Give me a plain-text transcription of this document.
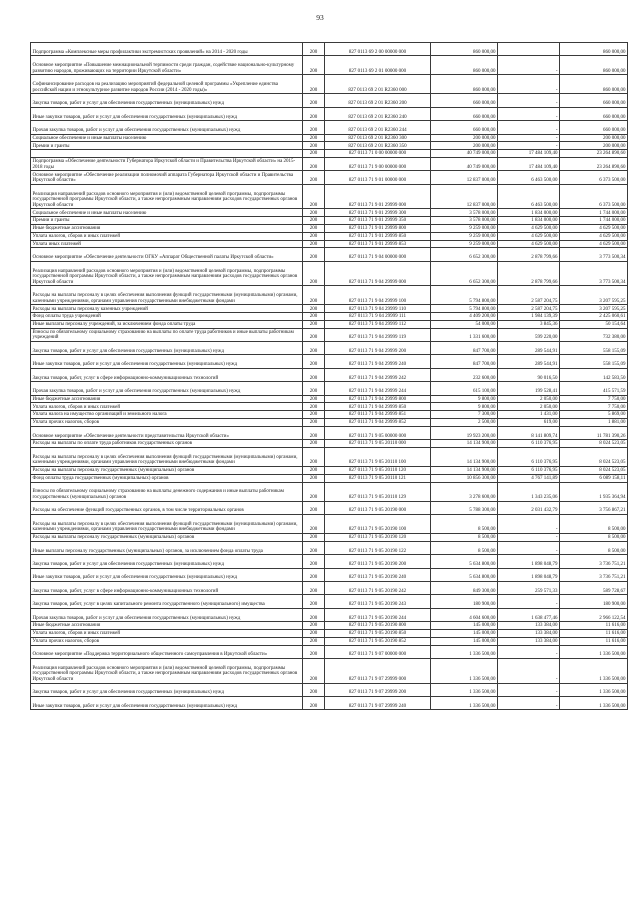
93
Подпрограмма «Комплексные меры профилактики экстремистских проявлений» на 2014 - 2020 годы	200	827 0113 69 2 00 00000 000	860 000,00		860 000,00
Основное мероприятие «Повышение межнациональной терпимости среди граждан, содействие национально-культурному развитию народов, проживающих на территории Иркутской области»	200	827 0113 69 2 01 00000 000	860 000,00	-	860 000,00
Софинансирование расходов на реализацию мероприятий федеральной целевой программы «Укрепление единства российской нации и этнокультурное развитие народов России (2014 - 2020 годы)»	200	827 0113 69 2 01 R2360 000	860 000,00	-	860 000,00
Закупка товаров, работ и услуг для обеспечения государственных (муниципальных) нужд	200	827 0113 69 2 01 R2360 200	660 000,00	-	660 000,00
Иные закупки товаров, работ и услуг для обеспечения государственных (муниципальных) нужд	200	827 0113 69 2 01 R2360 240	660 000,00	-	660 000,00
Прочая закупка товаров, работ и услуг для обеспечения государственных (муниципальных) нужд	200	827 0113 69 2 01 R2360 244	660 000,00	-	660 000,00
Социальное обеспечение и иные выплаты населению	200	827 0113 69 2 01 R2360 300	200 000,00	-	200 000,00
Премии и гранты	200	827 0113 69 2 01 R2360 350	200 000,00	-	200 000,00
	200	827 0113 71 0 00 00000 000	40 749 000,00	17 484 109,40	23 264 890,60
Подпрограмма «Обеспечение деятельности Губернатора Иркутской области и Правительства Иркутской области» на 2015-2018 годы	200	827 0113 71 9 00 00000 000	40 749 000,00	17 484 109,40	23 264 890,60
Основное мероприятие «Обеспечение реализации полномочий аппарата Губернатора Иркутской области и Правительства Иркутской области»	200	827 0113 71 9 01 00000 000	12 837 000,00	6 463 500,00	6 373 500,00
Реализация направлений расходов основного мероприятия и (или) ведомственной целевой программы, подпрограммы государственной программы Иркутской области, а также непрограммным направлениям расходов государственных органов Иркутской области	200	827 0113 71 9 01 29999 000	12 837 000,00	6 463 500,00	6 373 500,00
Социальное обеспечение и иные выплаты населению	200	827 0113 71 9 01 29999 300	3 578 000,00	1 834 000,00	1 744 000,00
Премии и гранты	200	827 0113 71 9 01 29999 350	3 578 000,00	1 834 000,00	1 744 000,00
Иные бюджетные ассигнования	200	827 0113 71 9 01 29999 800	9 259 000,00	4 629 500,00	4 629 500,00
Уплата налогов, сборов и иных платежей	200	827 0113 71 9 01 29999 850	9 259 000,00	4 629 500,00	4 629 500,00
Уплата иных платежей	200	827 0113 71 9 01 29999 853	9 259 000,00	4 629 500,00	4 629 500,00
Основное мероприятие «Обеспечение деятельности ОГКУ «Аппарат Общественной палаты Иркутской области»	200	827 0113 71 9 04 00000 000	6 652 300,00	2 878 799,66	3 773 500,34
Реализация направлений расходов основного мероприятия и (или) ведомственной целевой программы, подпрограммы государственной программы Иркутской области, а также непрограммным направлениям расходов государственных органов Иркутской области	200	827 0113 71 9 04 29999 000	6 652 300,00	2 878 799,66	3 773 500,34
Расходы на выплаты персоналу в целях обеспечения выполнения функций государственными (муниципальными) органами, казенными учреждениями, органами управления государственными внебюджетными фондами	200	827 0113 71 9 04 29999 100	5 794 800,00	2 587 204,75	3 207 595,25
Расходы на выплаты персоналу казенных учреждений	200	827 0113 71 9 04 29999 110	5 794 800,00	2 587 204,75	3 207 595,25
Фонд оплаты труда учреждений	200	827 0113 71 9 04 29999 111	4 409 200,00	1 984 139,39	2 425 060,61
Иные выплаты персоналу учреждений, за исключением фонда оплаты труда	200	827 0113 71 9 04 29999 112	54 000,00	3 845,36	50 154,64
Взносы по обязательному социальному страхованию на выплаты по оплате труда работников и иные выплаты работникам учреждений	200	827 0113 71 9 04 29999 119	1 331 600,00	599 220,00	732 380,00
Закупка товаров, работ и услуг для обеспечения государственных (муниципальных) нужд	200	827 0113 71 9 04 29999 200	847 700,00	289 544,91	558 155,09
Иные закупки товаров, работ и услуг для обеспечения государственных (муниципальных) нужд	200	827 0113 71 9 04 29999 240	847 700,00	289 544,91	558 155,09
Закупка товаров, работ, услуг в сфере информационно-коммуникационных технологий	200	827 0113 71 9 04 29999 242	232 600,00	90 016,50	142 583,50
Прочая закупка товаров, работ и услуг для обеспечения государственных (муниципальных) нужд	200	827 0113 71 9 04 29999 244	615 100,00	199 528,41	415 571,59
Иные бюджетные ассигнования	200	827 0113 71 9 04 29999 800	9 800,00	2 050,00	7 750,00
Уплата налогов, сборов и иных платежей	200	827 0113 71 9 04 29999 850	9 800,00	2 050,00	7 750,00
Уплата налога на имущество организаций и земельного налога	200	827 0113 71 9 04 29999 851	7 300,00	1 431,00	5 869,00
Уплата прочих налогов, сборов	200	827 0113 71 9 04 29999 852	2 500,00	619,00	1 881,00
Основное мероприятие «Обеспечение деятельности представительства Иркутской области»	200	827 0113 71 9 05 00000 000	19 923 200,00	8 141 809,74	11 781 390,26
Расходы на выплаты по оплате труда работников государственных органов	200	827 0113 71 9 05 20110 000	14 134 900,00	6 110 376,95	8 024 523,05
Расходы на выплаты персоналу в целях обеспечения выполнения функций государственными (муниципальными) органами, казенными учреждениями, органами управления государственными внебюджетными фондами	200	827 0113 71 9 05 20110 100	14 134 900,00	6 110 376,95	8 024 523,05
Расходы на выплаты персоналу государственных (муниципальных) органов	200	827 0113 71 9 05 20110 120	14 134 900,00	6 110 376,95	8 024 523,05
Фонд оплаты труда государственных (муниципальных) органов	200	827 0113 71 9 05 20110 121	10 856 300,00	4 767 141,89	6 089 158,11
Взносы по обязательному социальному страхованию на выплаты денежного содержания и иные выплаты работникам государственных (муниципальных) органов	200	827 0113 71 9 05 20110 129	3 278 600,00	1 343 235,06	1 935 364,94
Расходы на обеспечение функций государственных органов, в том числе территориальных органов	200	827 0113 71 9 05 20190 000	5 788 300,00	2 031 432,79	3 756 867,21
Расходы на выплаты персоналу в целях обеспечения выполнения функций государственными (муниципальными) органами, казенными учреждениями, органами управления государственными внебюджетными фондами	200	827 0113 71 9 05 20190 100	8 500,00	-	8 500,00
Расходы на выплаты персоналу государственных (муниципальных) органов	200	827 0113 71 9 05 20190 120	8 500,00	-	8 500,00
Иные выплаты персоналу государственных (муниципальных) органов, за исключением фонда оплаты труда	200	827 0113 71 9 05 20190 122	8 500,00	-	8 500,00
Закупка товаров, работ и услуг для обеспечения государственных (муниципальных) нужд	200	827 0113 71 9 05 20190 200	5 634 800,00	1 898 048,79	3 736 751,21
Иные закупки товаров, работ и услуг для обеспечения государственных (муниципальных) нужд	200	827 0113 71 9 05 20190 240	5 634 800,00	1 898 048,79	3 736 751,21
Закупка товаров, работ, услуг в сфере информационно-коммуникационных технологий	200	827 0113 71 9 05 20190 242	849 300,00	259 571,33	589 728,67
Закупка товаров, работ, услуг в целях капитального ремонта государственного (муниципального) имущества	200	827 0113 71 9 05 20190 243	180 900,00	-	180 900,00
Прочая закупка товаров, работ и услуг для обеспечения государственных (муниципальных) нужд	200	827 0113 71 9 05 20190 244	4 604 600,00	1 638 477,46	2 966 122,54
Иные бюджетные ассигнования	200	827 0113 71 9 05 20190 800	145 000,00	133 384,00	11 616,00
Уплата налогов, сборов и иных платежей	200	827 0113 71 9 05 20190 850	145 000,00	133 384,00	11 616,00
Уплата прочих налогов, сборов	200	827 0113 71 9 05 20190 852	145 000,00	133 384,00	11 616,00
Основное мероприятие «Поддержка территориального общественного самоуправления в Иркутской области»	200	827 0113 71 9 07 00000 000	1 336 500,00	-	1 336 500,00
Реализация направлений расходов основного мероприятия и (или) ведомственной целевой программы, подпрограммы государственной программы Иркутской области, а также непрограммным направлениям расходов государственных органов Иркутской области	200	827 0113 71 9 07 29999 000	1 336 500,00	-	1 336 500,00
Закупка товаров, работ и услуг для обеспечения государственных (муниципальных) нужд	200	827 0113 71 9 07 29999 200	1 336 500,00	-	1 336 500,00
Иные закупки товаров, работ и услуг для обеспечения государственных (муниципальных) нужд	200	827 0113 71 9 07 29999 240	1 336 500,00	-	1 336 500,00
